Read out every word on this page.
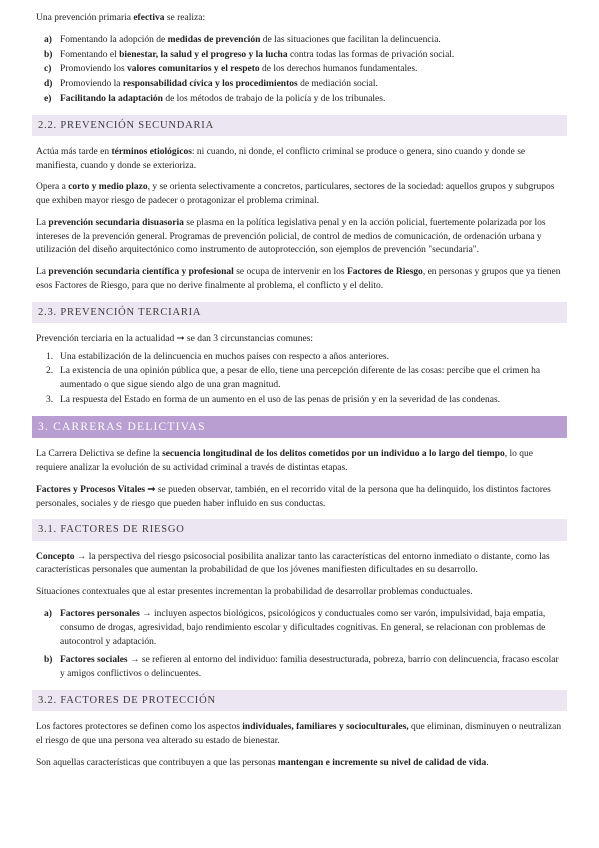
Una prevención primaria efectiva se realiza:

a) Fomentando la adopción de medidas de prevención de las situaciones que facilitan la delincuencia.
b) Fomentando el bienestar, la salud y el progreso y la lucha contra todas las formas de privación social.
c) Promoviendo los valores comunitarios y el respeto de los derechos humanos fundamentales.
d) Promoviendo la responsabilidad cívica y los procedimientos de mediación social.
e) Facilitando la adaptación de los métodos de trabajo de la policía y de los tribunales.
2.2. PREVENCIÓN SECUNDARIA

Actúa más tarde en términos etiológicos: ni cuando, ni donde, el conflicto criminal se produce o genera, sino cuando y donde se manifiesta, cuando y donde se exterioriza.

Opera a corto y medio plazo, y se orienta selectivamente a concretos, particulares, sectores de la sociedad: aquellos grupos y subgrupos que exhiben mayor riesgo de padecer o protagonizar el problema criminal.

La prevención secundaria disuasoria se plasma en la política legislativa penal y en la acción policial, fuertemente polarizada por los intereses de la prevención general. Programas de prevención policial, de control de medios de comunicación, de ordenación urbana y utilización del diseño arquitectónico como instrumento de autoprotección, son ejemplos de prevención "secundaria".

La prevención secundaria científica y profesional se ocupa de intervenir en los Factores de Riesgo, en personas y grupos que ya tienen esos Factores de Riesgo, para que no derive finalmente al problema, el conflicto y el delito.

2.3. PREVENCIÓN TERCIARIA

Prevención terciaria en la actualidad ➞ se dan 3 circunstancias comunes:

1. Una estabilización de la delincuencia en muchos países con respecto a años anteriores.
2. La existencia de una opinión pública que, a pesar de ello, tiene una percepción diferente de las cosas: percibe que el crimen ha aumentado o que sigue siendo algo de una gran magnitud.
3. La respuesta del Estado en forma de un aumento en el uso de las penas de prisión y en la severidad de las condenas.
3. CARRERAS DELICTIVAS

La Carrera Delictiva se define la secuencia longitudinal de los delitos cometidos por un individuo a lo largo del tiempo, lo que requiere analizar la evolución de su actividad criminal a través de distintas etapas.

Factores y Procesos Vitales ➞ se pueden observar, también, en el recorrido vital de la persona que ha delinquido, los distintos factores personales, sociales y de riesgo que pueden haber influido en sus conductas.

3.1. FACTORES DE RIESGO

Concepto → la perspectiva del riesgo psicosocial posibilita analizar tanto las características del entorno inmediato o distante, como las características personales que aumentan la probabilidad de que los jóvenes manifiesten dificultades en su desarrollo.

Situaciones contextuales que al estar presentes incrementan la probabilidad de desarrollar problemas conductuales.

a) Factores personales → incluyen aspectos biológicos, psicológicos y conductuales como ser varón, impulsividad, baja empatía, consumo de drogas, agresividad, bajo rendimiento escolar y dificultades cognitivas. En general, se relacionan con problemas de autocontrol y adaptación.
b) Factores sociales → se refieren al entorno del individuo: familia desestructurada, pobreza, barrio con delincuencia, fracaso escolar y amigos conflictivos o delincuentes.
3.2. FACTORES DE PROTECCIÓN

Los factores protectores se definen como los aspectos individuales, familiares y socioculturales, que eliminan, disminuyen o neutralizan el riesgo de que una persona vea alterado su estado de bienestar.

Son aquellas características que contribuyen a que las personas mantengan e incremente su nivel de calidad de vida.
